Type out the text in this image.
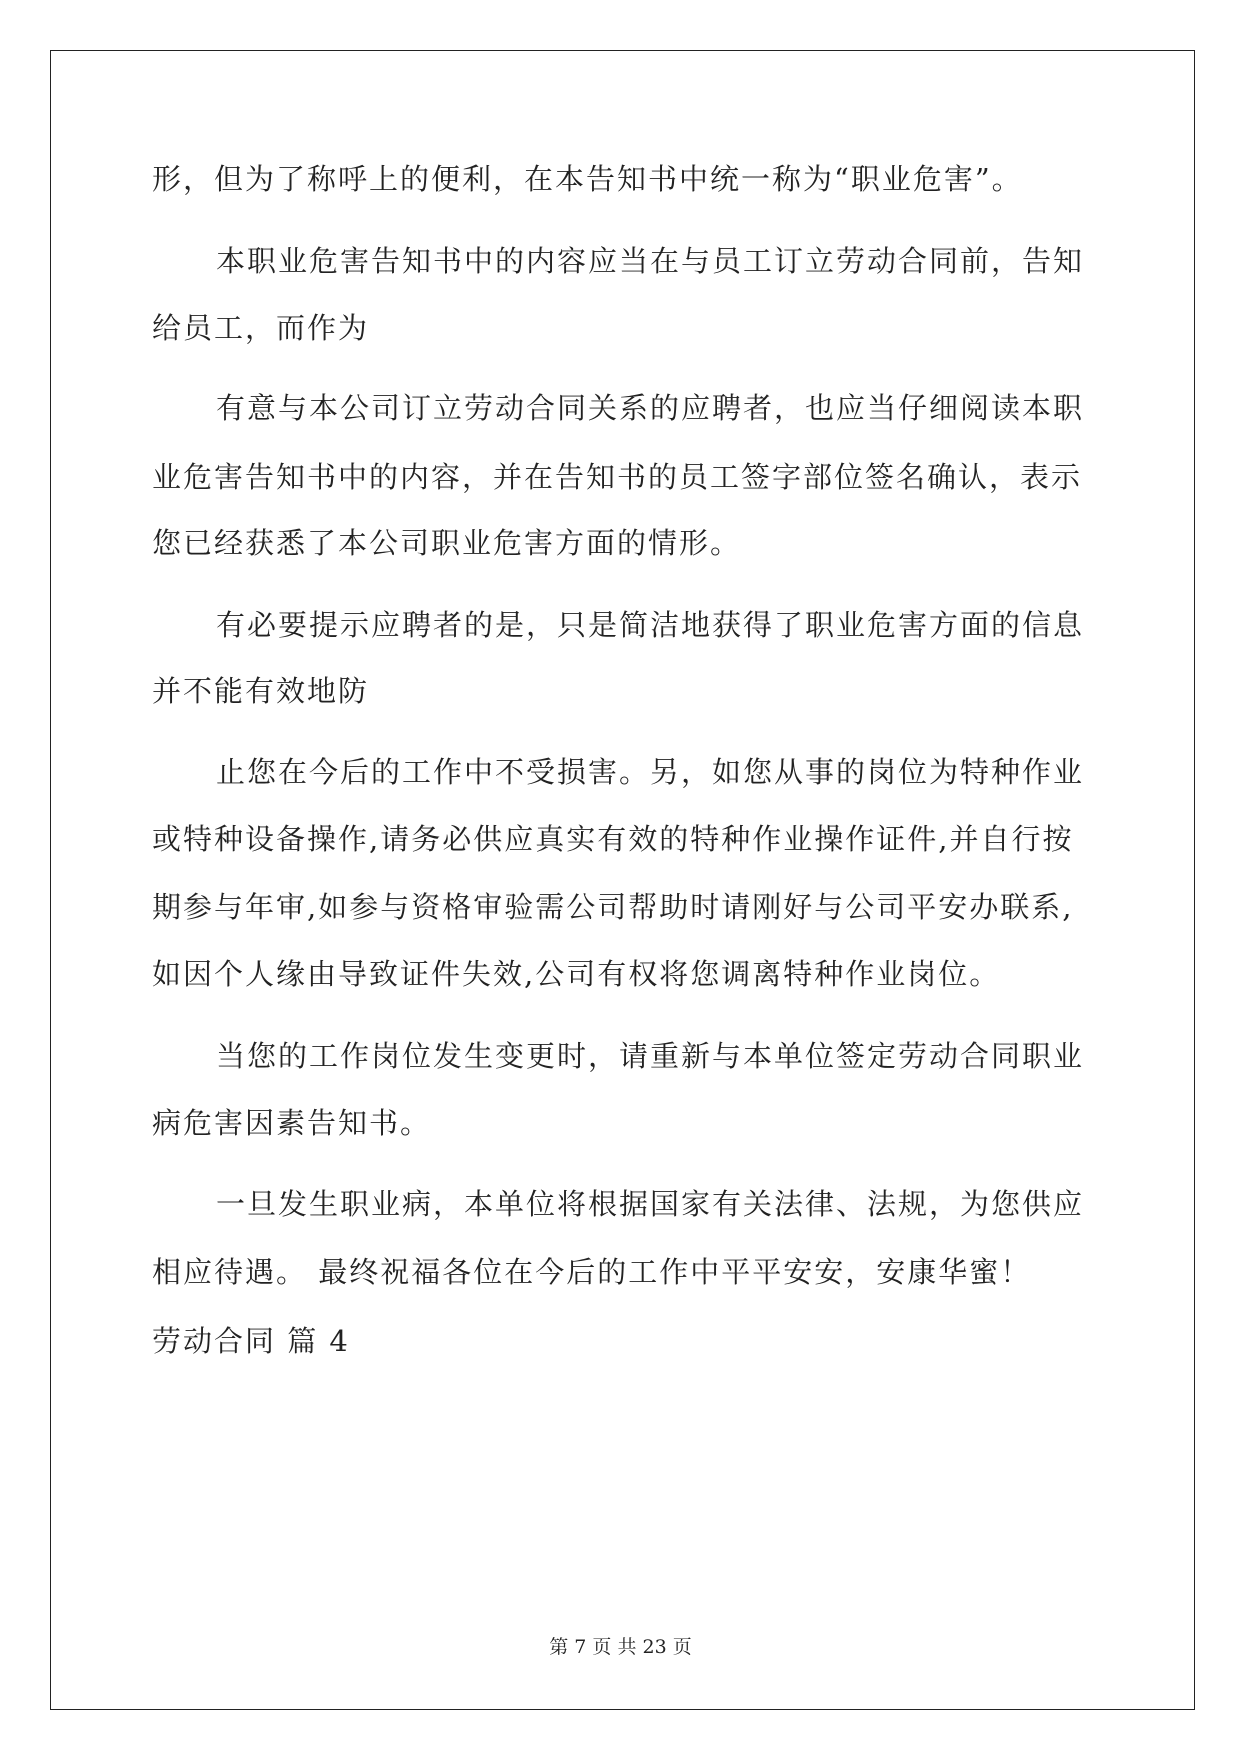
形，但为了称呼上的便利，在本告知书中统一称为“职业危害”。
本职业危害告知书中的内容应当在与员工订立劳动合同前，告知
给员工，而作为
有意与本公司订立劳动合同关系的应聘者，也应当仔细阅读本职
业危害告知书中的内容，并在告知书的员工签字部位签名确认，表示
您已经获悉了本公司职业危害方面的情形。
有必要提示应聘者的是，只是简洁地获得了职业危害方面的信息
并不能有效地防
止您在今后的工作中不受损害。另，如您从事的岗位为特种作业
或特种设备操作,请务必供应真实有效的特种作业操作证件,并自行按
期参与年审,如参与资格审验需公司帮助时请刚好与公司平安办联系,
如因个人缘由导致证件失效,公司有权将您调离特种作业岗位。
当您的工作岗位发生变更时，请重新与本单位签定劳动合同职业
病危害因素告知书。
一旦发生职业病，本单位将根据国家有关法律、法规，为您供应
相应待遇。 最终祝福各位在今后的工作中平平安安，安康华蜜！
劳动合同 篇 4
第 7 页 共 23 页
